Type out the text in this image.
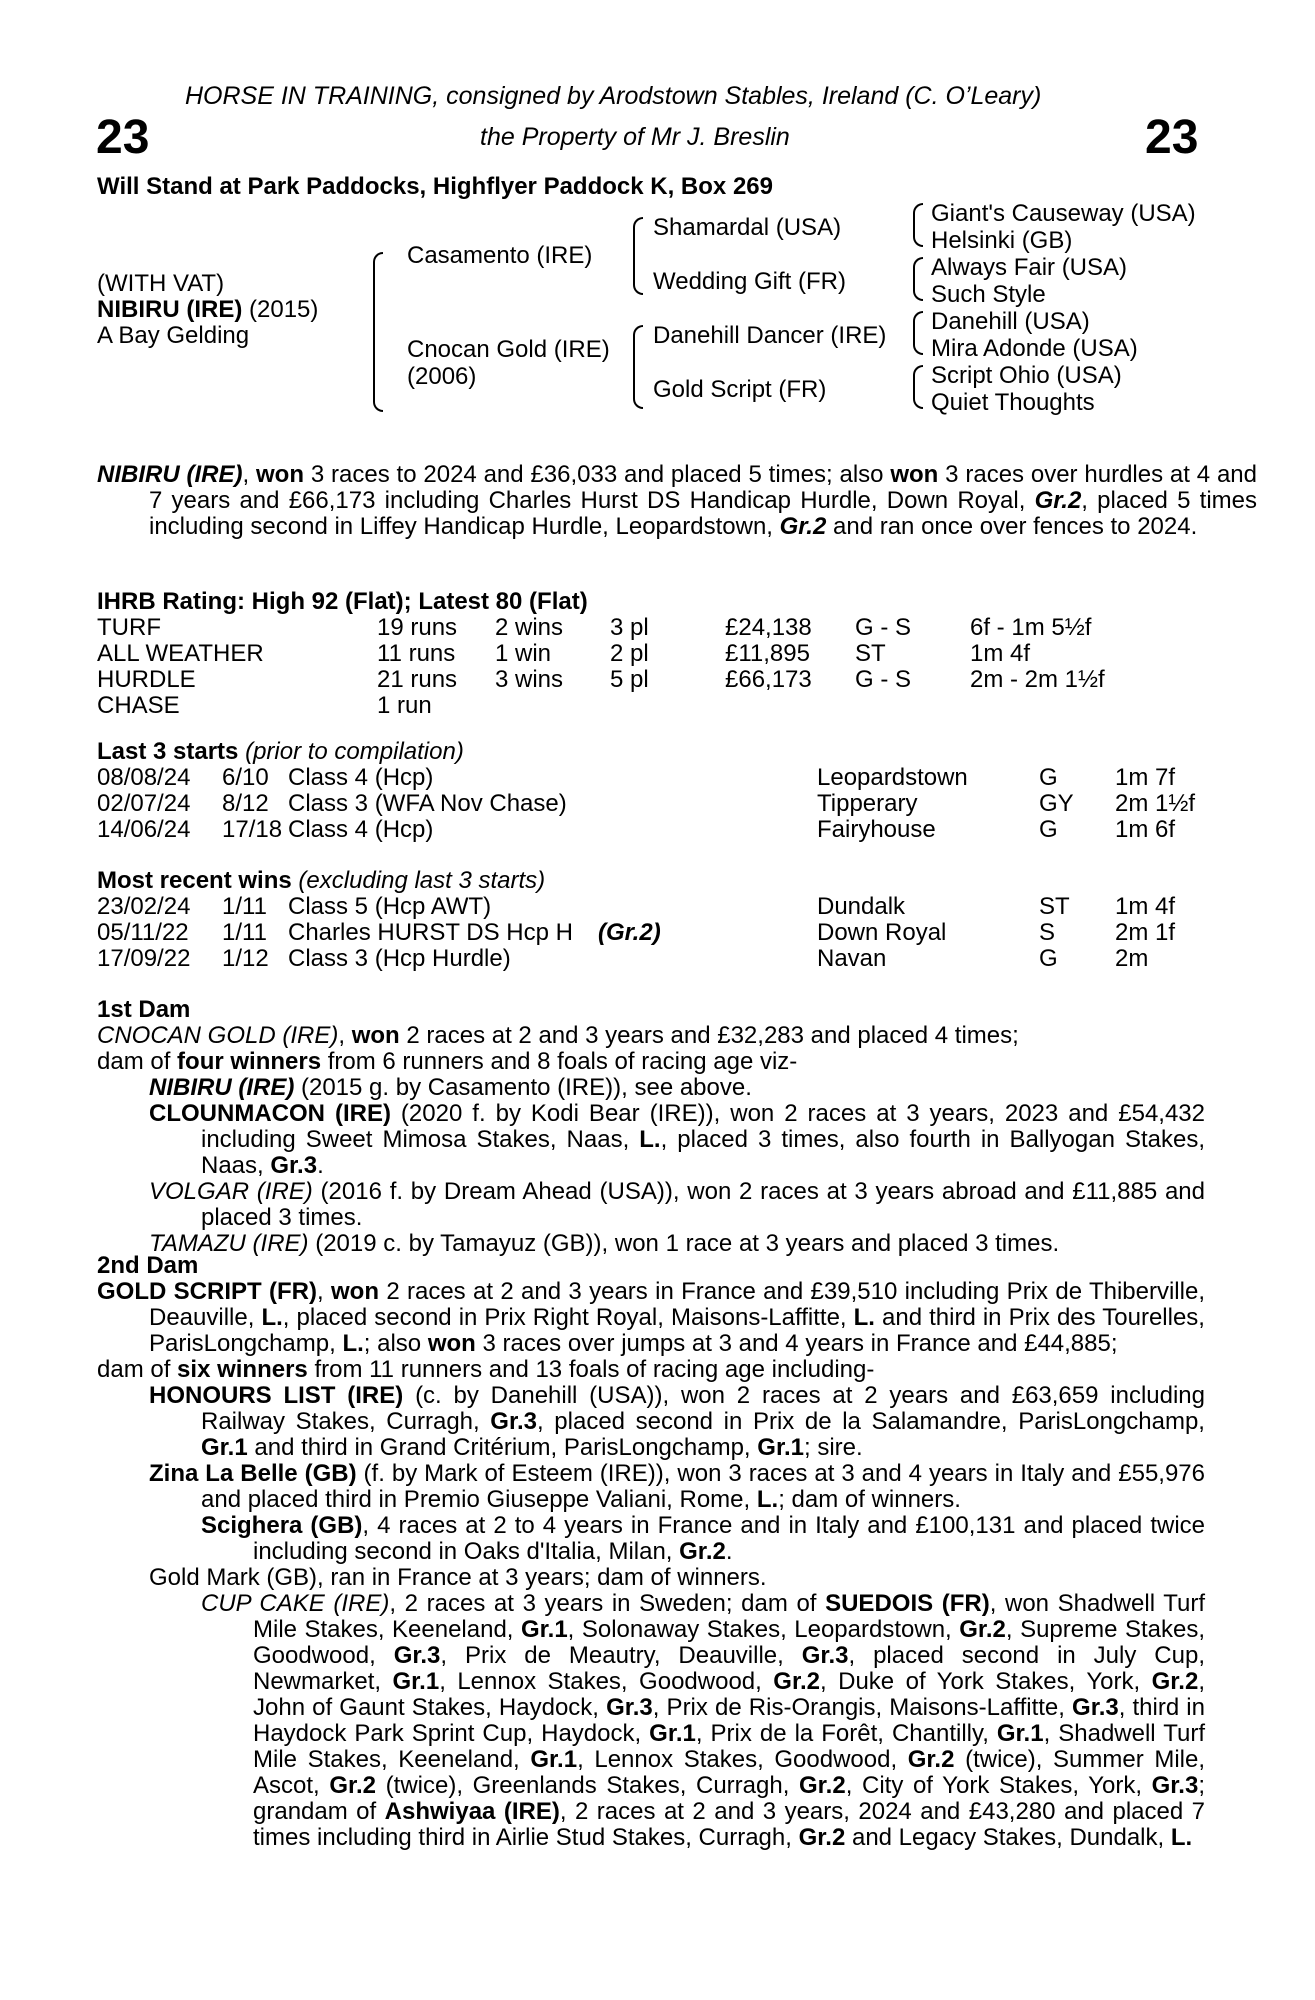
23	23
HORSE IN TRAINING, consigned by Arodstown Stables, Ireland (C. O’Leary)
the Property of Mr J. Breslin
Will Stand at Park Paddocks, Highflyer Paddock K, Box 269
(WITH VAT)
NIBIRU (IRE) (2015)
A Bay Gelding
Casamento (IRE)
Cnocan Gold (IRE)
(2006)
Shamardal (USA)
Wedding Gift (FR)
Danehill Dancer (IRE)
Gold Script (FR)
Giant's Causeway (USA)
Helsinki (GB)
Always Fair (USA)
Such Style
Danehill (USA)
Mira Adonde (USA)
Script Ohio (USA)
Quiet Thoughts
NIBIRU (IRE), won 3 races to 2024 and £36,033 and placed 5 times; also won 3 races over hurdles at 4 and 7 years and £66,173 including Charles Hurst DS Handicap Hurdle, Down Royal, Gr.2, placed 5 times including second in Liffey Handicap Hurdle, Leopardstown, Gr.2 and ran once over fences to 2024.
IHRB Rating: High 92 (Flat); Latest 80 (Flat)
TURF	19 runs 2 wins 3 pl	£24,138 G - S 6f - 1m 5½f
ALL WEATHER	11 runs 1 win 2 pl	£11,895 ST	1m 4f
HURDLE	21 runs 3 wins 5 pl	£66,173 G - S 2m - 2m 1½f
CHASE	1 run
Last 3 starts (prior to compilation)
08/08/24 6/10 Class 4 (Hcp)	Leopardstown	G 1m 7f
02/07/24 8/12 Class 3 (WFA Nov Chase)	Tipperary	GY 2m 1½f
14/06/24 17/18 Class 4 (Hcp)	Fairyhouse	G 1m 6f
Most recent wins (excluding last 3 starts)
23/02/24 1/11 Class 5 (Hcp AWT)	Dundalk	ST 1m 4f
05/11/22 1/11 Charles HURST DS Hcp H (Gr.2)	Down Royal	S 2m 1f
17/09/22 1/12 Class 3 (Hcp Hurdle)	Navan	G 2m
1st Dam

CNOCAN GOLD (IRE), won 2 races at 2 and 3 years and £32,283 and placed 4 times;

dam of four winners from 6 runners and 8 foals of racing age viz-

NIBIRU (IRE) (2015 g. by Casamento (IRE)), see above.

CLOUNMACON (IRE) (2020 f. by Kodi Bear (IRE)), won 2 races at 3 years, 2023 and £54,432 including Sweet Mimosa Stakes, Naas, L., placed 3 times, also fourth in Ballyogan Stakes, Naas, Gr.3.

VOLGAR (IRE) (2016 f. by Dream Ahead (USA)), won 2 races at 3 years abroad and £11,885 and placed 3 times.

TAMAZU (IRE) (2019 c. by Tamayuz (GB)), won 1 race at 3 years and placed 3 times.

2nd Dam

GOLD SCRIPT (FR), won 2 races at 2 and 3 years in France and £39,510 including Prix de Thiberville, Deauville, L., placed second in Prix Right Royal, Maisons-Laffitte, L. and third in Prix des Tourelles, ParisLongchamp, L.; also won 3 races over jumps at 3 and 4 years in France and £44,885;

dam of six winners from 11 runners and 13 foals of racing age including-

HONOURS LIST (IRE) (c. by Danehill (USA)), won 2 races at 2 years and £63,659 including Railway Stakes, Curragh, Gr.3, placed second in Prix de la Salamandre, ParisLongchamp, Gr.1 and third in Grand Critérium, ParisLongchamp, Gr.1; sire.

Zina La Belle (GB) (f. by Mark of Esteem (IRE)), won 3 races at 3 and 4 years in Italy and £55,976 and placed third in Premio Giuseppe Valiani, Rome, L.; dam of winners.

Scighera (GB), 4 races at 2 to 4 years in France and in Italy and £100,131 and placed twice including second in Oaks d'Italia, Milan, Gr.2.

Gold Mark (GB), ran in France at 3 years; dam of winners.

CUP CAKE (IRE), 2 races at 3 years in Sweden; dam of SUEDOIS (FR), won Shadwell Turf Mile Stakes, Keeneland, Gr.1, Solonaway Stakes, Leopardstown, Gr.2, Supreme Stakes, Goodwood, Gr.3, Prix de Meautry, Deauville, Gr.3, placed second in July Cup, Newmarket, Gr.1, Lennox Stakes, Goodwood, Gr.2, Duke of York Stakes, York, Gr.2, John of Gaunt Stakes, Haydock, Gr.3, Prix de Ris-Orangis, Maisons-Laffitte, Gr.3, third in Haydock Park Sprint Cup, Haydock, Gr.1, Prix de la Forêt, Chantilly, Gr.1, Shadwell Turf Mile Stakes, Keeneland, Gr.1, Lennox Stakes, Goodwood, Gr.2 (twice), Summer Mile, Ascot, Gr.2 (twice), Greenlands Stakes, Curragh, Gr.2, City of York Stakes, York, Gr.3; grandam of Ashwiyaa (IRE), 2 races at 2 and 3 years, 2024 and £43,280 and placed 7 times including third in Airlie Stud Stakes, Curragh, Gr.2 and Legacy Stakes, Dundalk, L.
